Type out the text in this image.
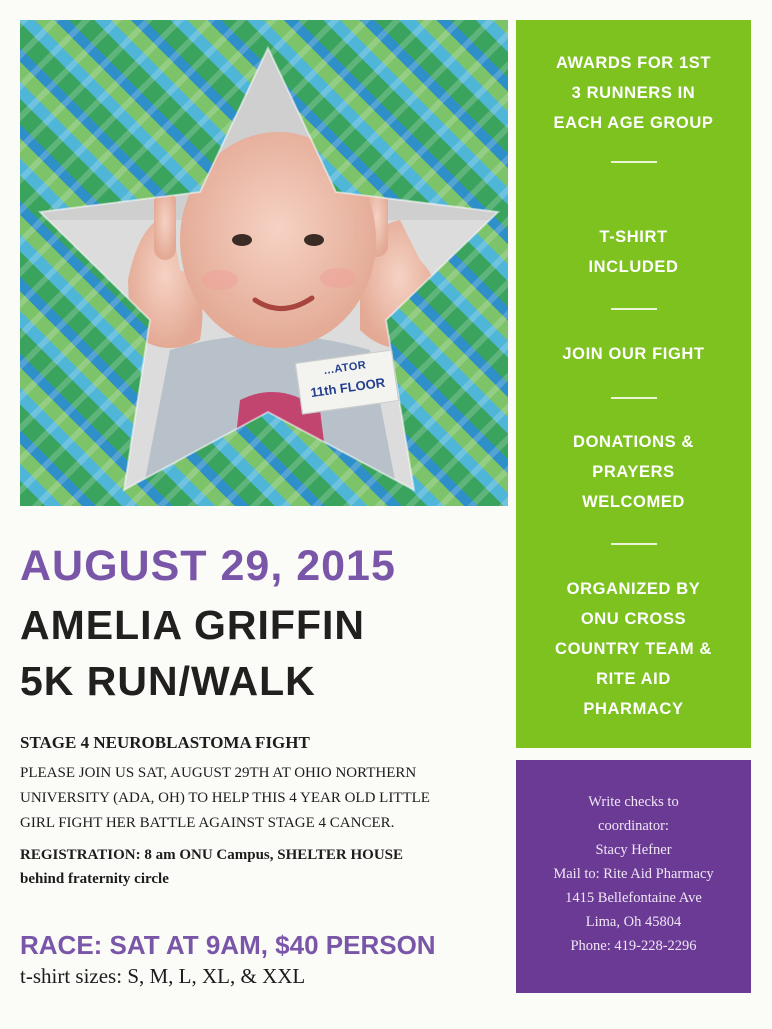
...ATOR
11th FLOOR
AWARDS FOR 1ST
3 RUNNERS IN
EACH AGE GROUP
T-SHIRT
INCLUDED
JOIN OUR FIGHT
DONATIONS &
PRAYERS
WELCOMED
ORGANIZED BY
ONU CROSS
COUNTRY TEAM &
RITE AID
PHARMACY
Write checks to
coordinator:
Stacy Hefner
Mail to: Rite Aid Pharmacy
1415 Bellefontaine Ave
Lima, Oh 45804
Phone: 419-228-2296
AUGUST 29, 2015
AMELIA GRIFFIN
5K RUN/WALK
STAGE 4 NEUROBLASTOMA FIGHT
PLEASE JOIN US SAT, AUGUST 29TH AT OHIO NORTHERN
UNIVERSITY (ADA, OH) TO HELP THIS 4 YEAR OLD LITTLE
GIRL FIGHT HER BATTLE AGAINST STAGE 4 CANCER.
REGISTRATION: 8 am ONU Campus, SHELTER HOUSE
behind fraternity circle
RACE: SAT AT 9AM, $40 PERSON
t-shirt sizes: S, M, L, XL, & XXL
